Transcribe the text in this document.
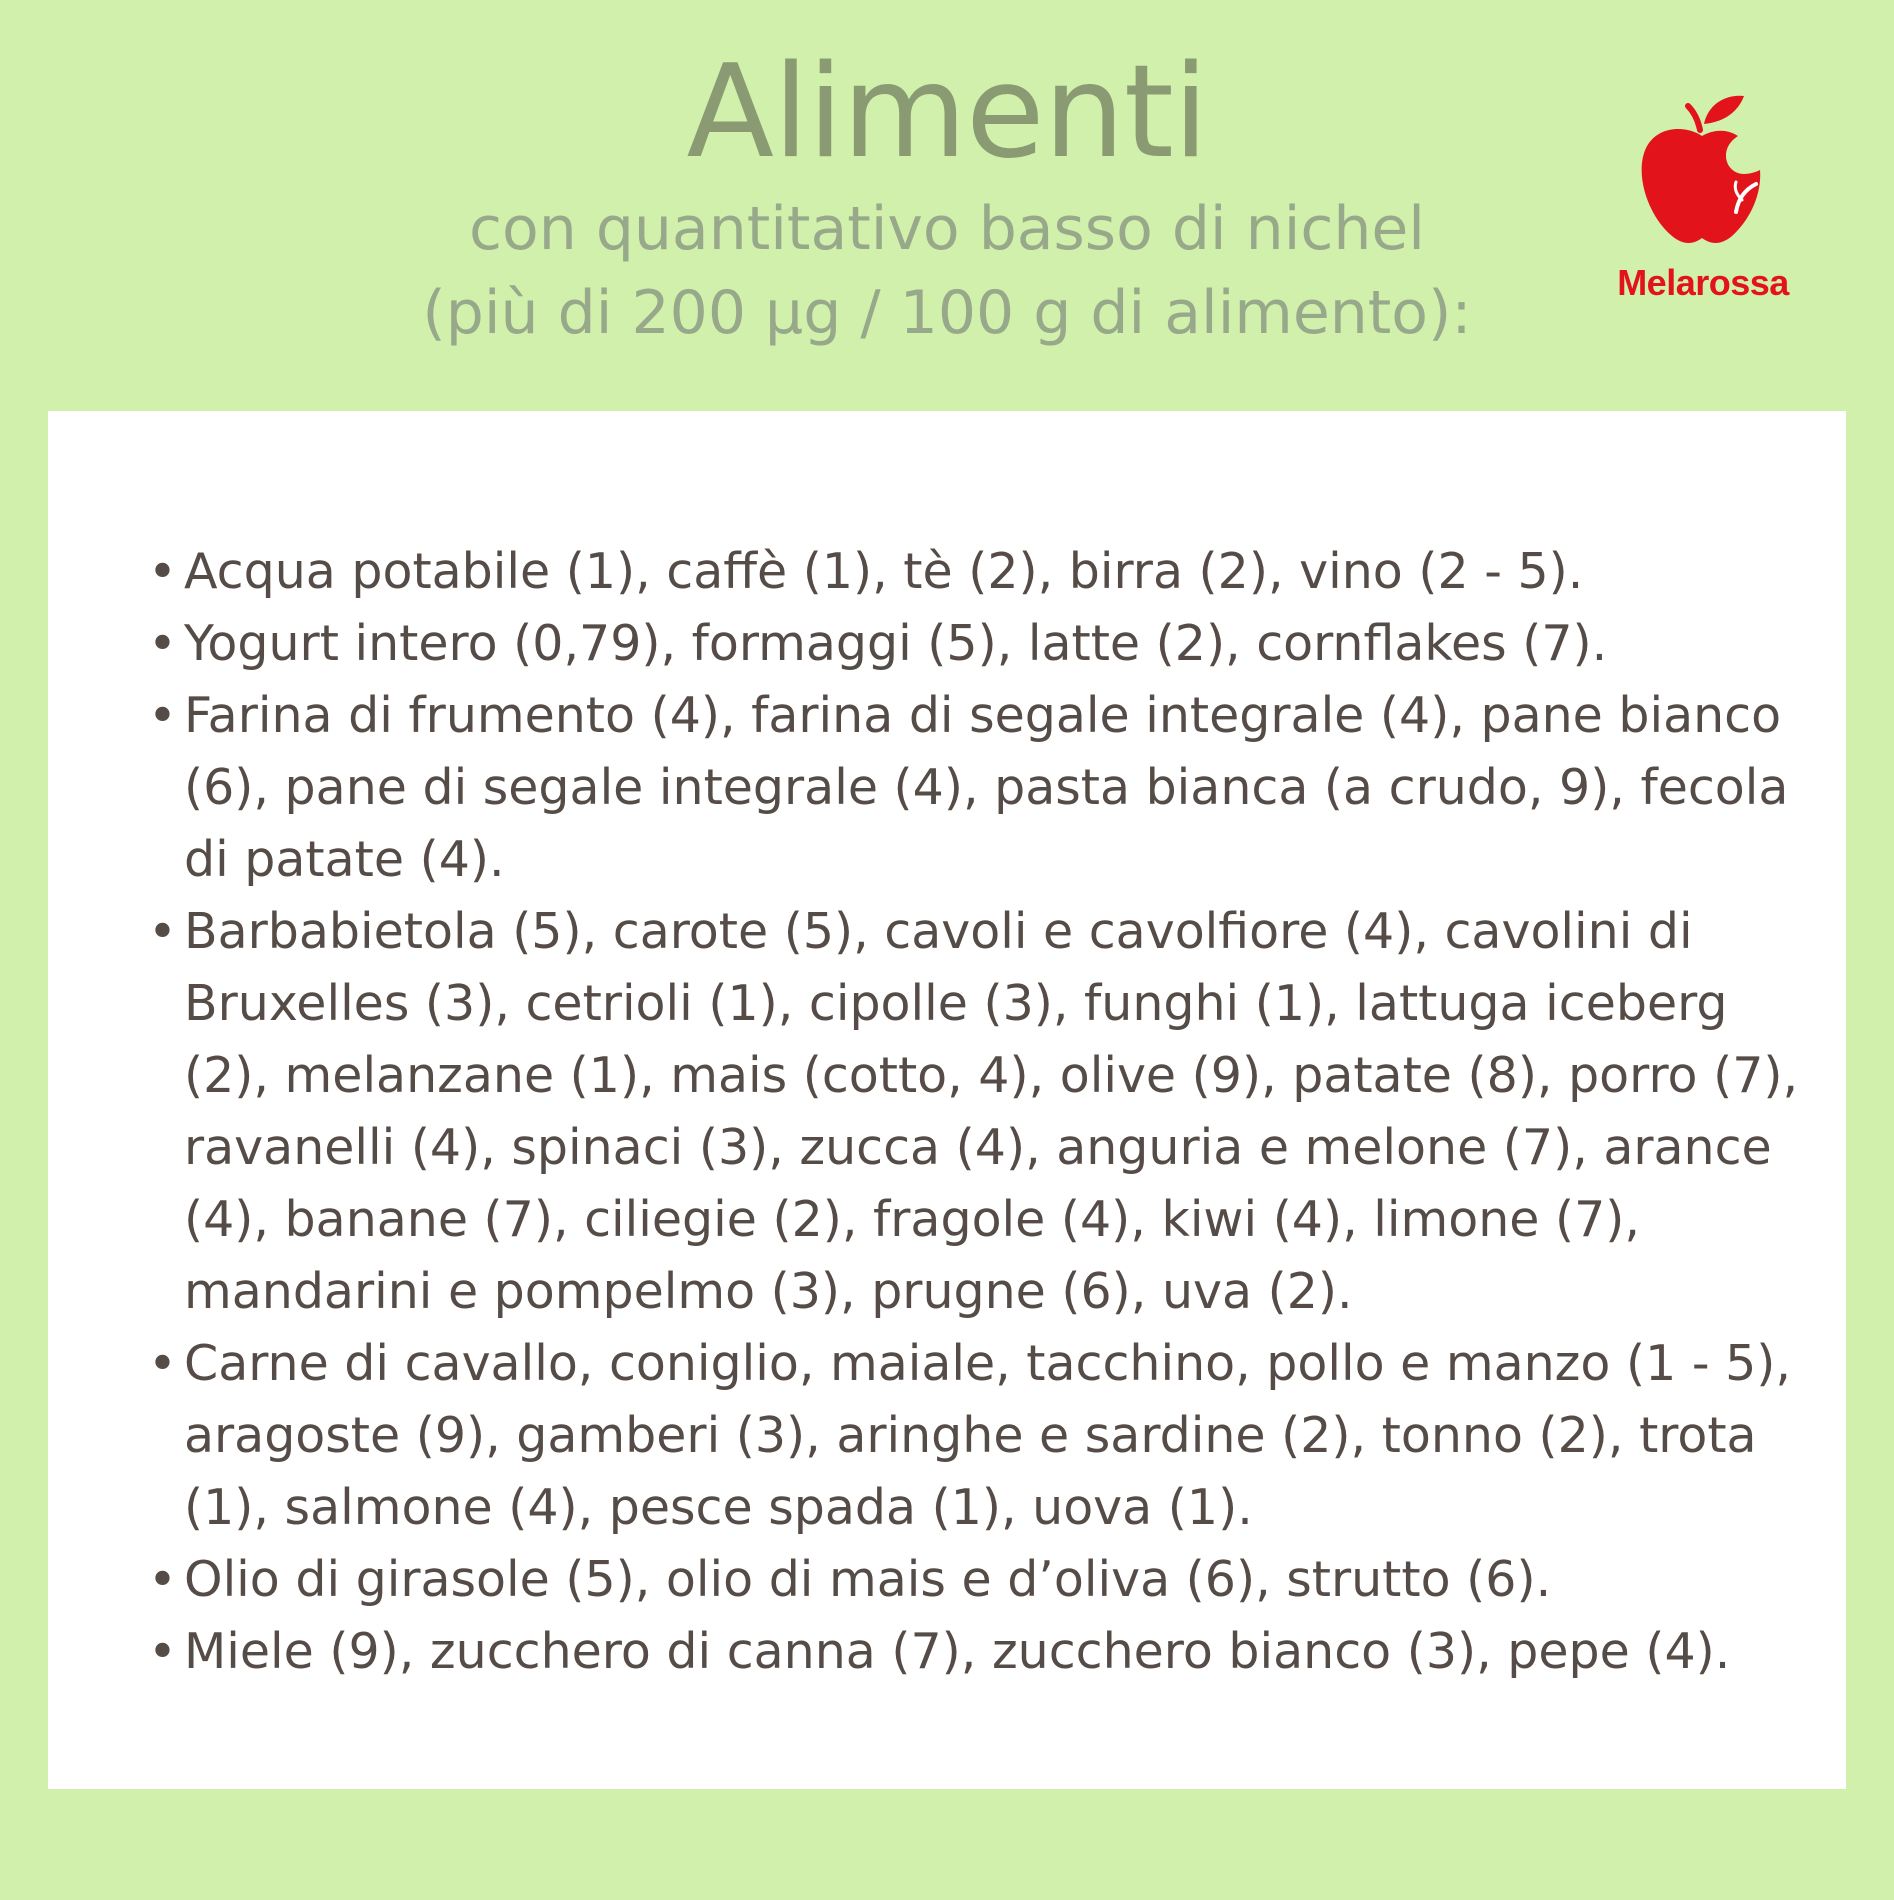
Alimenti
con quantitativo basso di nichel
(più di 200 µg / 100 g di alimento):	Melarossa
• Acqua potabile (1), caffè (1), tè (2), birra (2), vino (2 - 5).
• Yogurt intero (0,79), formaggi (5), latte (2), cornflakes (7).
• Farina di frumento (4), farina di segale integrale (4), pane bianco (6), pane di segale integrale (4), pasta bianca (a crudo, 9), fecola di patate (4).
• Barbabietola (5), carote (5), cavoli e cavolfiore (4), cavolini di Bruxelles (3), cetrioli (1), cipolle (3), funghi (1), lattuga iceberg (2), melanzane (1), mais (cotto, 4), olive (9), patate (8), porro (7), ravanelli (4), spinaci (3), zucca (4), anguria e melone (7), arance (4), banane (7), ciliegie (2), fragole (4), kiwi (4), limone (7), mandarini e pompelmo (3), prugne (6), uva (2).
• Carne di cavallo, coniglio, maiale, tacchino, pollo e manzo (1 - 5), aragoste (9), gamberi (3), aringhe e sardine (2), tonno (2), trota (1), salmone (4), pesce spada (1), uova (1).
• Olio di girasole (5), olio di mais e d’oliva (6), strutto (6).
• Miele (9), zucchero di canna (7), zucchero bianco (3), pepe (4).
